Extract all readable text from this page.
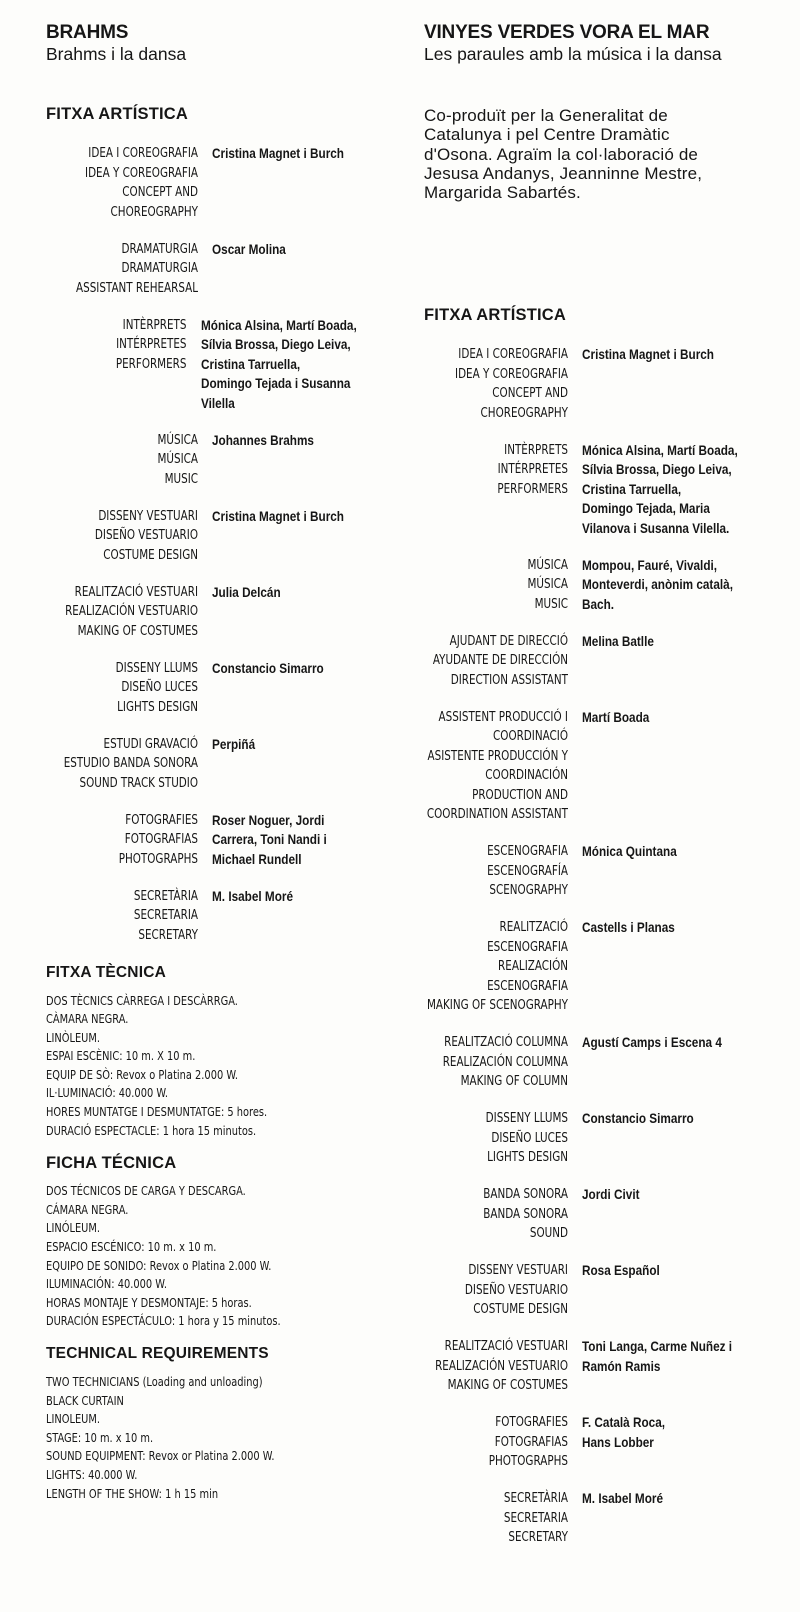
BRAHMS
Brahms i la dansa
FITXA ARTÍSTICA
IDEA I COREOGRAFIA
IDEA Y COREOGRAFIA
CONCEPT AND
CHOREOGRAPHY
Cristina Magnet i Burch
DRAMATURGIA
DRAMATURGIA
ASSISTANT REHEARSAL
Oscar Molina
INTÈRPRETS
INTÉRPRETES
PERFORMERS
Mónica Alsina, Martí Boada,
Sílvia Brossa, Diego Leiva,
Cristina Tarruella,
Domingo Tejada i Susanna
Vilella
MÚSICA
MÚSICA
MUSIC
Johannes Brahms
DISSENY VESTUARI
DISEÑO VESTUARIO
COSTUME DESIGN
Cristina Magnet i Burch
REALITZACIÓ VESTUARI
REALIZACIÓN VESTUARIO
MAKING OF COSTUMES
Julia Delcán
DISSENY LLUMS
DISEÑO LUCES
LIGHTS DESIGN
Constancio Simarro
ESTUDI GRAVACIÓ
ESTUDIO BANDA SONORA
SOUND TRACK STUDIO
Perpiñá
FOTOGRAFIES
FOTOGRAFIAS
PHOTOGRAPHS
Roser Noguer, Jordi
Carrera, Toni Nandi i
Michael Rundell
SECRETÀRIA
SECRETARIA
SECRETARY
M. Isabel Moré
FITXA TÈCNICA
DOS TÈCNICS CÀRREGA I DESCÀRRGA.
CÀMARA NEGRA.
LINÒLEUM.
ESPAI ESCÈNIC: 10 m. X 10 m.
EQUIP DE SÒ: Revox o Platina 2.000 W.
IL·LUMINACIÓ: 40.000 W.
HORES MUNTATGE I DESMUNTATGE: 5 hores.
DURACIÓ ESPECTACLE: 1 hora 15 minutos.
FICHA TÉCNICA
DOS TÉCNICOS DE CARGA Y DESCARGA.
CÁMARA NEGRA.
LINÓLEUM.
ESPACIO ESCÉNICO: 10 m. x 10 m.
EQUIPO DE SONIDO: Revox o Platina 2.000 W.
ILUMINACIÓN: 40.000 W.
HORAS MONTAJE Y DESMONTAJE: 5 horas.
DURACIÓN ESPECTÁCULO: 1 hora y 15 minutos.
TECHNICAL REQUIREMENTS
TWO TECHNICIANS (Loading and unloading)
BLACK CURTAIN
LINOLEUM.
STAGE: 10 m. x 10 m.
SOUND EQUIPMENT: Revox or Platina 2.000 W.
LIGHTS: 40.000 W.
LENGTH OF THE SHOW: 1 h 15 min
VINYES VERDES VORA EL MAR
Les paraules amb la música i la dansa
Co-produït per la Generalitat de
Catalunya i pel Centre Dramàtic
d'Osona. Agraïm la col·laboració de
Jesusa Andanys, Jeanninne Mestre,
Margarida Sabartés.
FITXA ARTÍSTICA
IDEA I COREOGRAFIA
IDEA Y COREOGRAFIA
CONCEPT AND
CHOREOGRAPHY
Cristina Magnet i Burch
INTÈRPRETS
INTÉRPRETES
PERFORMERS
Mónica Alsina, Martí Boada,
Sílvia Brossa, Diego Leiva,
Cristina Tarruella,
Domingo Tejada, Maria
Vilanova i Susanna Vilella.
MÚSICA
MÚSICA
MUSIC
Mompou, Fauré, Vivaldi,
Monteverdi, anònim català,
Bach.
AJUDANT DE DIRECCIÓ
AYUDANTE DE DIRECCIÓN
DIRECTION ASSISTANT
Melina Batlle
ASSISTENT PRODUCCIÓ I
COORDINACIÓ
ASISTENTE PRODUCCIÓN Y
COORDINACIÓN
PRODUCTION AND
COORDINATION ASSISTANT
Martí Boada
ESCENOGRAFIA
ESCENOGRAFÍA
SCENOGRAPHY
Mónica Quintana
REALITZACIÓ
ESCENOGRAFIA
REALIZACIÓN
ESCENOGRAFIA
MAKING OF SCENOGRAPHY
Castells i Planas
REALITZACIÓ COLUMNA
REALIZACIÓN COLUMNA
MAKING OF COLUMN
Agustí Camps i Escena 4
DISSENY LLUMS
DISEÑO LUCES
LIGHTS DESIGN
Constancio Simarro
BANDA SONORA
BANDA SONORA
SOUND
Jordi Civit
DISSENY VESTUARI
DISEÑO VESTUARIO
COSTUME DESIGN
Rosa Español
REALITZACIÓ VESTUARI
REALIZACIÓN VESTUARIO
MAKING OF COSTUMES
Toni Langa, Carme Nuñez i
Ramón Ramis
FOTOGRAFIES
FOTOGRAFIAS
PHOTOGRAPHS
F. Català Roca,
Hans Lobber
SECRETÀRIA
SECRETARIA
SECRETARY
M. Isabel Moré
